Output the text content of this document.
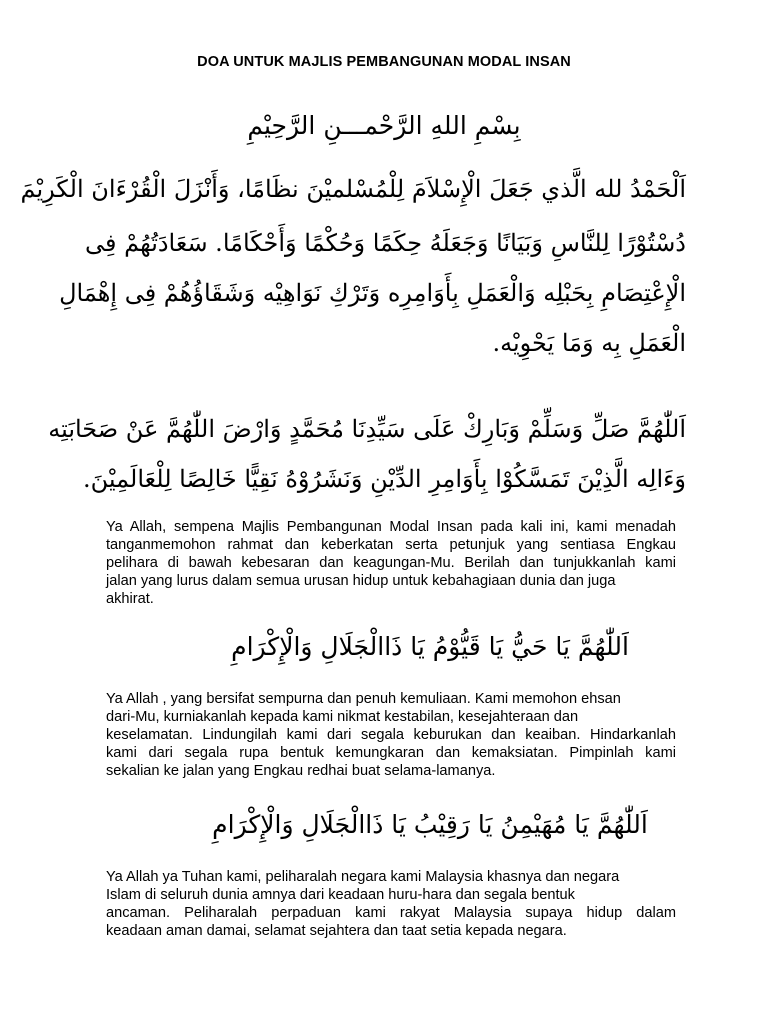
DOA UNTUK MAJLIS PEMBANGUNAN MODAL INSAN
بِسْمِ اللهِ الرَّحْمـــنِ الرَّحِيْمِ
اَلْحَمْدُ لله الَّذي جَعَلَ الْإِسْلاَمَ لِلْمُسْلميْنَ نظَامًا، وَأَنْزَلَ الْقُرْءَانَ الْكَرِيْمَ
دُسْتُوْرًا لِلنَّاسِ وَبَيَانًا وَجَعَلَهُ حِكَمًا وَحُكْمًا وَأَحْكَامًا. سَعَادَتُهُمْ فِى
الْإِعْتِصَامِ بِحَبْلِه وَالْعَمَلِ بِأَوَامِرِه وَتَرْكِ نَوَاهِيْه وَشَقَاؤُهُمْ فِى إِهْمَالِ
الْعَمَلِ بِه وَمَا يَحْوِيْه.
اَللّٰهُمَّ صَلِّ وَسَلِّمْ وَبَارِكْ عَلَى سَيِّدِنَا مُحَمَّدٍ وَارْضَ اللّٰهُمَّ عَنْ صَحَابَتِه
وَءَالِه الَّذِيْنَ تَمَسَّكُوْا بِأَوَامِرِ الدِّيْنِ وَنَشَرُوْهُ نَقِيًّا خَالِصًا لِلْعَالَمِيْنَ.
Ya Allah, sempena Majlis Pembangunan Modal Insan pada kali ini, kami menadah
tanganmemohon rahmat dan keberkatan serta petunjuk yang sentiasa Engkau
pelihara di bawah kebesaran dan keagungan-Mu. Berilah dan tunjukkanlah kami
jalan yang lurus dalam semua urusan hidup untuk kebahagiaan dunia dan juga
akhirat.
اَللّٰهُمَّ يَا حَيُّ يَا قَيُّوْمُ يَا ذَاالْجَلَالِ وَالْإِكْرَامِ
Ya Allah , yang bersifat sempurna dan penuh kemuliaan. Kami memohon ehsan
dari-Mu, kurniakanlah kepada kami nikmat kestabilan, kesejahteraan dan
keselamatan. Lindungilah kami dari segala keburukan dan keaiban. Hindarkanlah
kami dari segala rupa bentuk kemungkaran dan kemaksiatan. Pimpinlah kami
sekalian ke jalan yang Engkau redhai buat selama-lamanya.
اَللّٰهُمَّ يَا مُهَيْمِنُ يَا رَقِيْبُ يَا ذَاالْجَلَالِ وَالْإِكْرَامِ
Ya Allah ya Tuhan kami, peliharalah negara kami Malaysia khasnya dan negara
Islam di seluruh dunia amnya dari keadaan huru-hara dan segala bentuk
ancaman. Peliharalah perpaduan kami rakyat Malaysia supaya hidup dalam
keadaan aman damai, selamat sejahtera dan taat setia kepada negara.
